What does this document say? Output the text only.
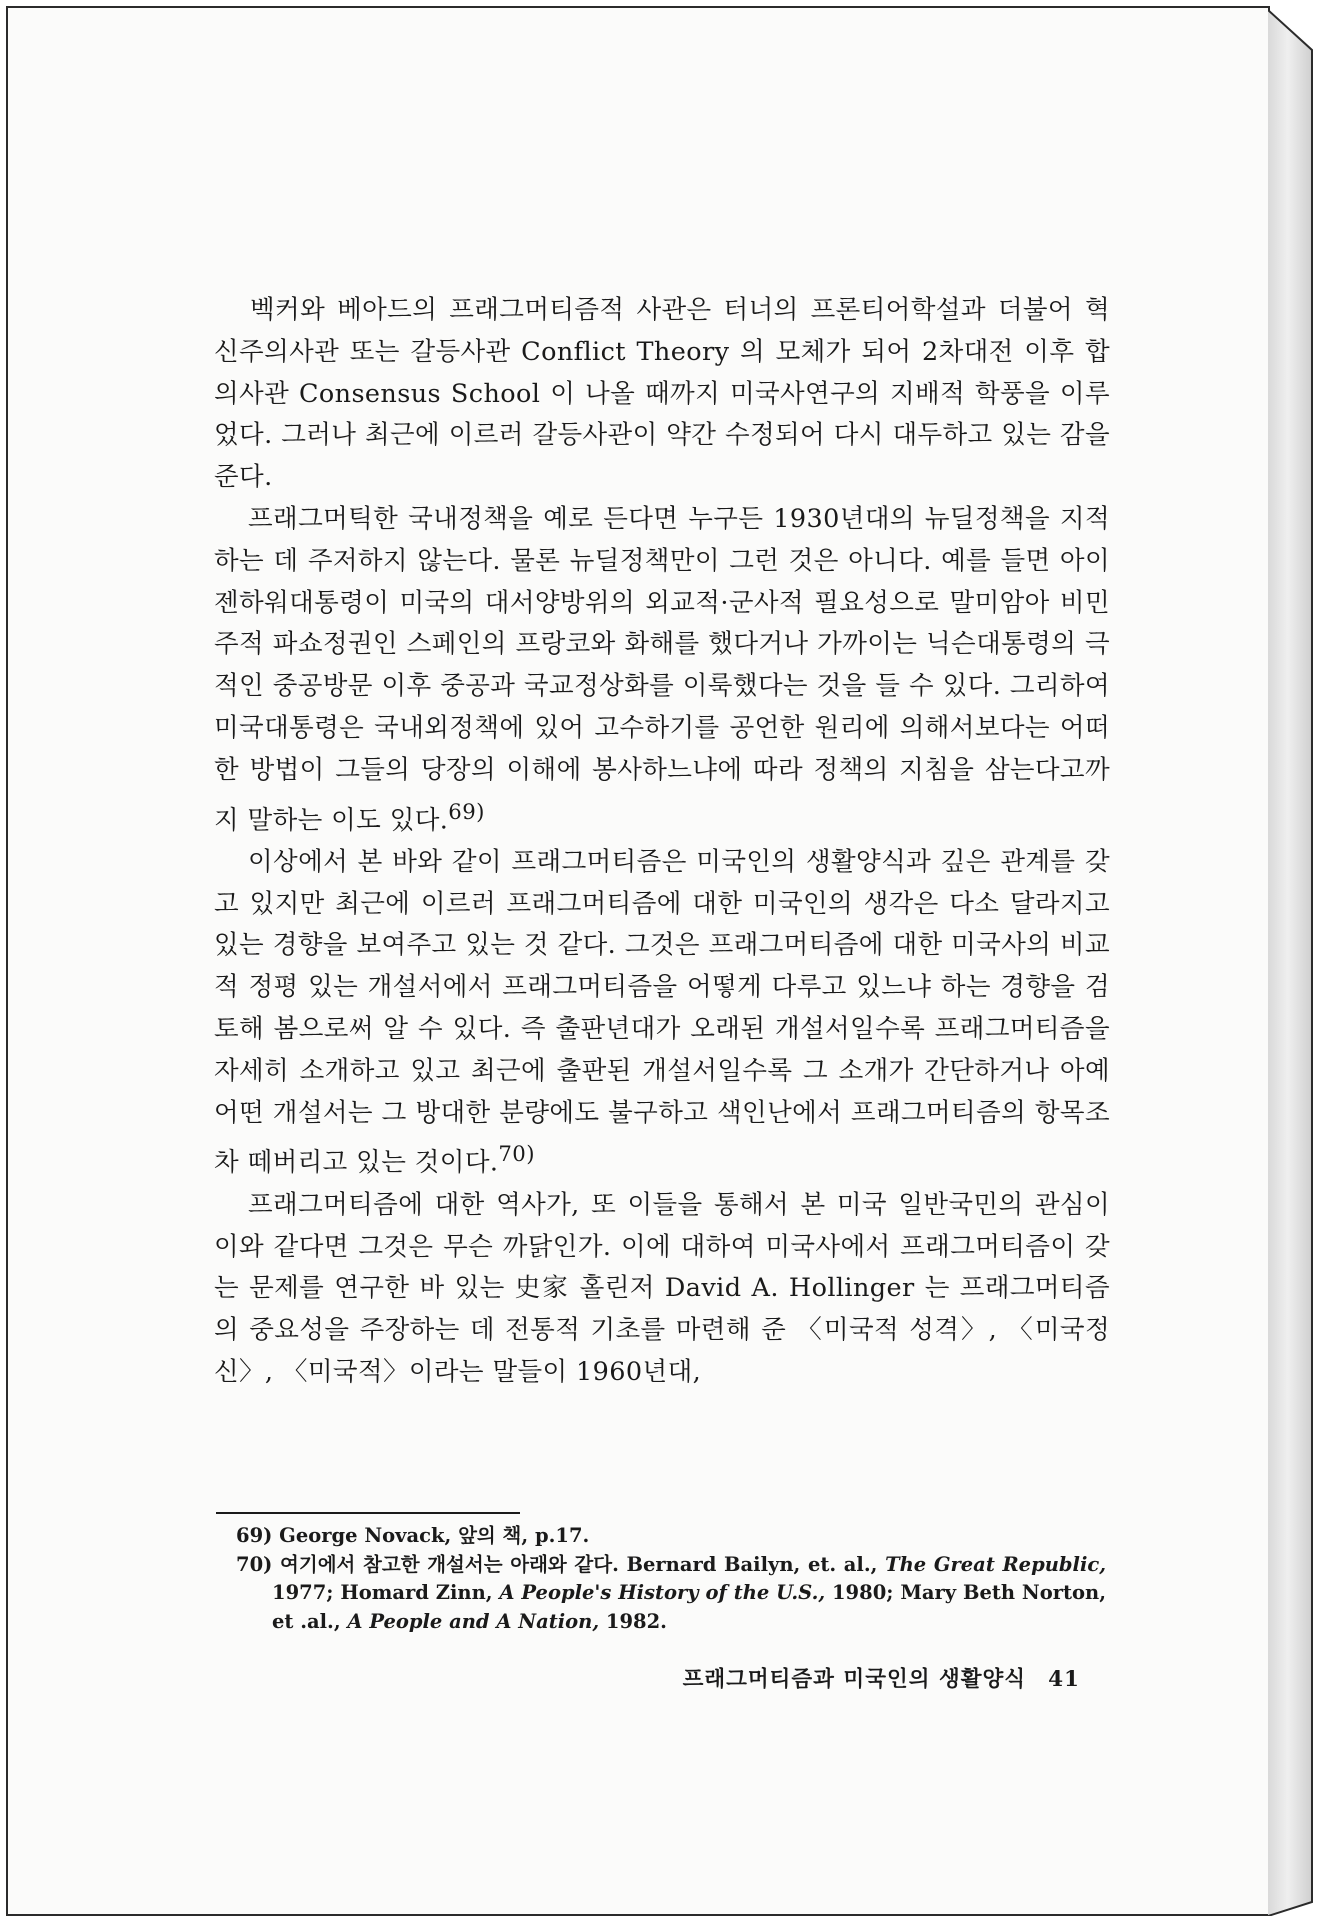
벡커와 베아드의 프래그머티즘적 사관은 터너의 프론티어학설과 더불어 혁신주의사관 또는 갈등사관 Conflict Theory 의 모체가 되어 2차대전 이후 합의사관 Consensus School 이 나올 때까지 미국사연구의 지배적 학풍을 이루었다. 그러나 최근에 이르러 갈등사관이 약간 수정되어 다시 대두하고 있는 감을 준다.

프래그머틱한 국내정책을 예로 든다면 누구든 1930년대의 뉴딜정책을 지적하는 데 주저하지 않는다. 물론 뉴딜정책만이 그런 것은 아니다. 예를 들면 아이젠하워대통령이 미국의 대서양방위의 외교적·군사적 필요성으로 말미암아 비민주적 파쇼정권인 스페인의 프랑코와 화해를 했다거나 가까이는 닉슨대통령의 극적인 중공방문 이후 중공과 국교정상화를 이룩했다는 것을 들 수 있다. 그리하여 미국대통령은 국내외정책에 있어 고수하기를 공언한 원리에 의해서보다는 어떠한 방법이 그들의 당장의 이해에 봉사하느냐에 따라 정책의 지침을 삼는다고까지 말하는 이도 있다.$^{69)}$

이상에서 본 바와 같이 프래그머티즘은 미국인의 생활양식과 깊은 관계를 갖고 있지만 최근에 이르러 프래그머티즘에 대한 미국인의 생각은 다소 달라지고 있는 경향을 보여주고 있는 것 같다. 그것은 프래그머티즘에 대한 미국사의 비교적 정평 있는 개설서에서 프래그머티즘을 어떻게 다루고 있느냐 하는 경향을 검토해 봄으로써 알 수 있다. 즉 출판년대가 오래된 개설서일수록 프래그머티즘을 자세히 소개하고 있고 최근에 출판된 개설서일수록 그 소개가 간단하거나 아예 어떤 개설서는 그 방대한 분량에도 불구하고 색인난에서 프래그머티즘의 항목조차 떼버리고 있는 것이다.$^{70)}$

프래그머티즘에 대한 역사가, 또 이들을 통해서 본 미국 일반국민의 관심이 이와 같다면 그것은 무슨 까닭인가. 이에 대하여 미국사에서 프래그머티즘이 갖는 문제를 연구한 바 있는 史家 홀린저 David A. Hollinger 는 프래그머티즘의 중요성을 주장하는 데 전통적 기초를 마련해 준 〈미국적 성격〉, 〈미국정신〉, 〈미국적〉이라는 말들이 1960년대,

69) George Novack, 앞의 책, p.17.

70) 여기에서 참고한 개설서는 아래와 같다. Bernard Bailyn, et. al., The Great Republic, 1977; Homard Zinn, A People's History of the U.S., 1980; Mary Beth Norton, et .al., A People and A Nation, 1982.

프래그머티즘과 미국인의 생활양식 41
